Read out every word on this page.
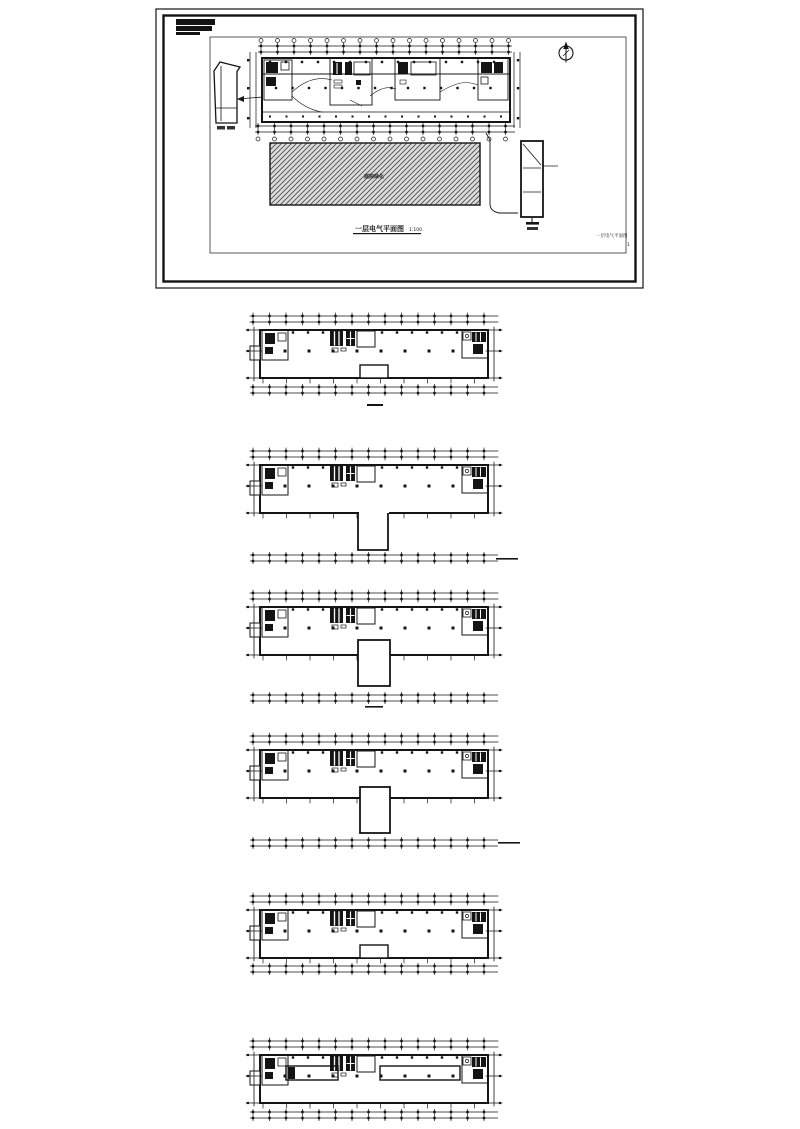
庭院绿化
一层电气平面图 1:100
一层电气平面图
1
